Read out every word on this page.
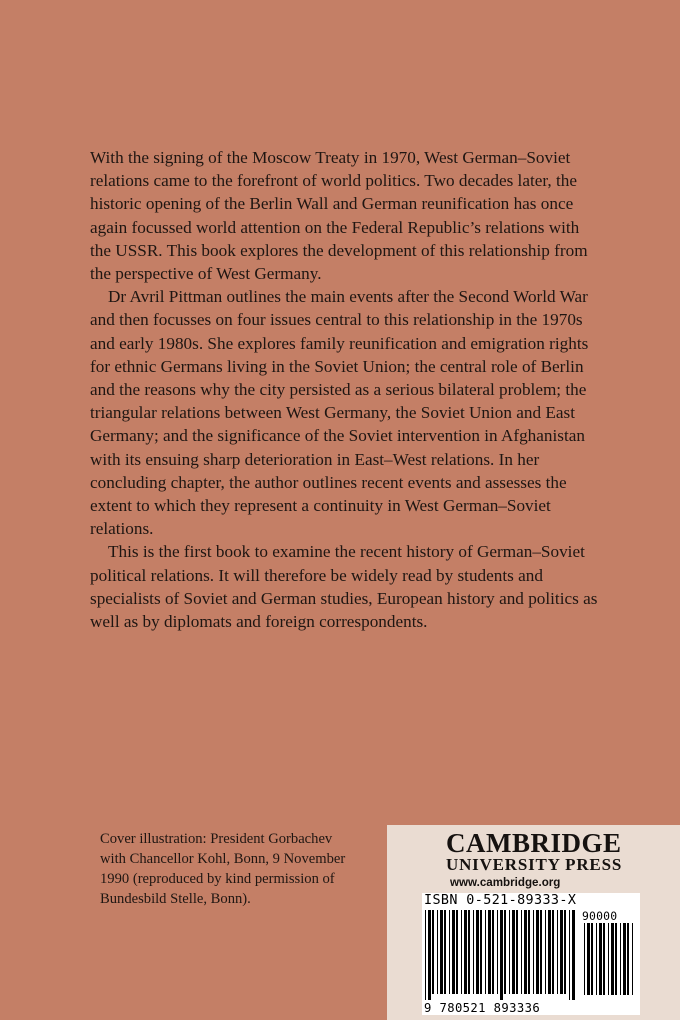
With the signing of the Moscow Treaty in 1970, West German–Soviet relations came to the forefront of world politics. Two decades later, the historic opening of the Berlin Wall and German reunification has once again focussed world attention on the Federal Republic’s relations with the USSR. This book explores the development of this relationship from the perspective of West Germany.

Dr Avril Pittman outlines the main events after the Second World War and then focusses on four issues central to this relationship in the 1970s and early 1980s. She explores family reunification and emigration rights for ethnic Germans living in the Soviet Union; the central role of Berlin and the reasons why the city persisted as a serious bilateral problem; the triangular relations between West Germany, the Soviet Union and East Germany; and the significance of the Soviet intervention in Afghanistan with its ensuing sharp deterioration in East–West relations. In her concluding chapter, the author outlines recent events and assesses the extent to which they represent a continuity in West German–Soviet relations.

This is the first book to examine the recent history of German–Soviet political relations. It will therefore be widely read by students and specialists of Soviet and German studies, European history and politics as well as by diplomats and foreign correspondents.

Cover illustration: President Gorbachev with Chancellor Kohl, Bonn, 9 November 1990 (reproduced by kind permission of Bundesbild Stelle, Bonn).
CAMBRIDGE
UNIVERSITY PRESS
www.cambridge.org
ISBN 0-521-89333-X
90000
9 780521 893336
